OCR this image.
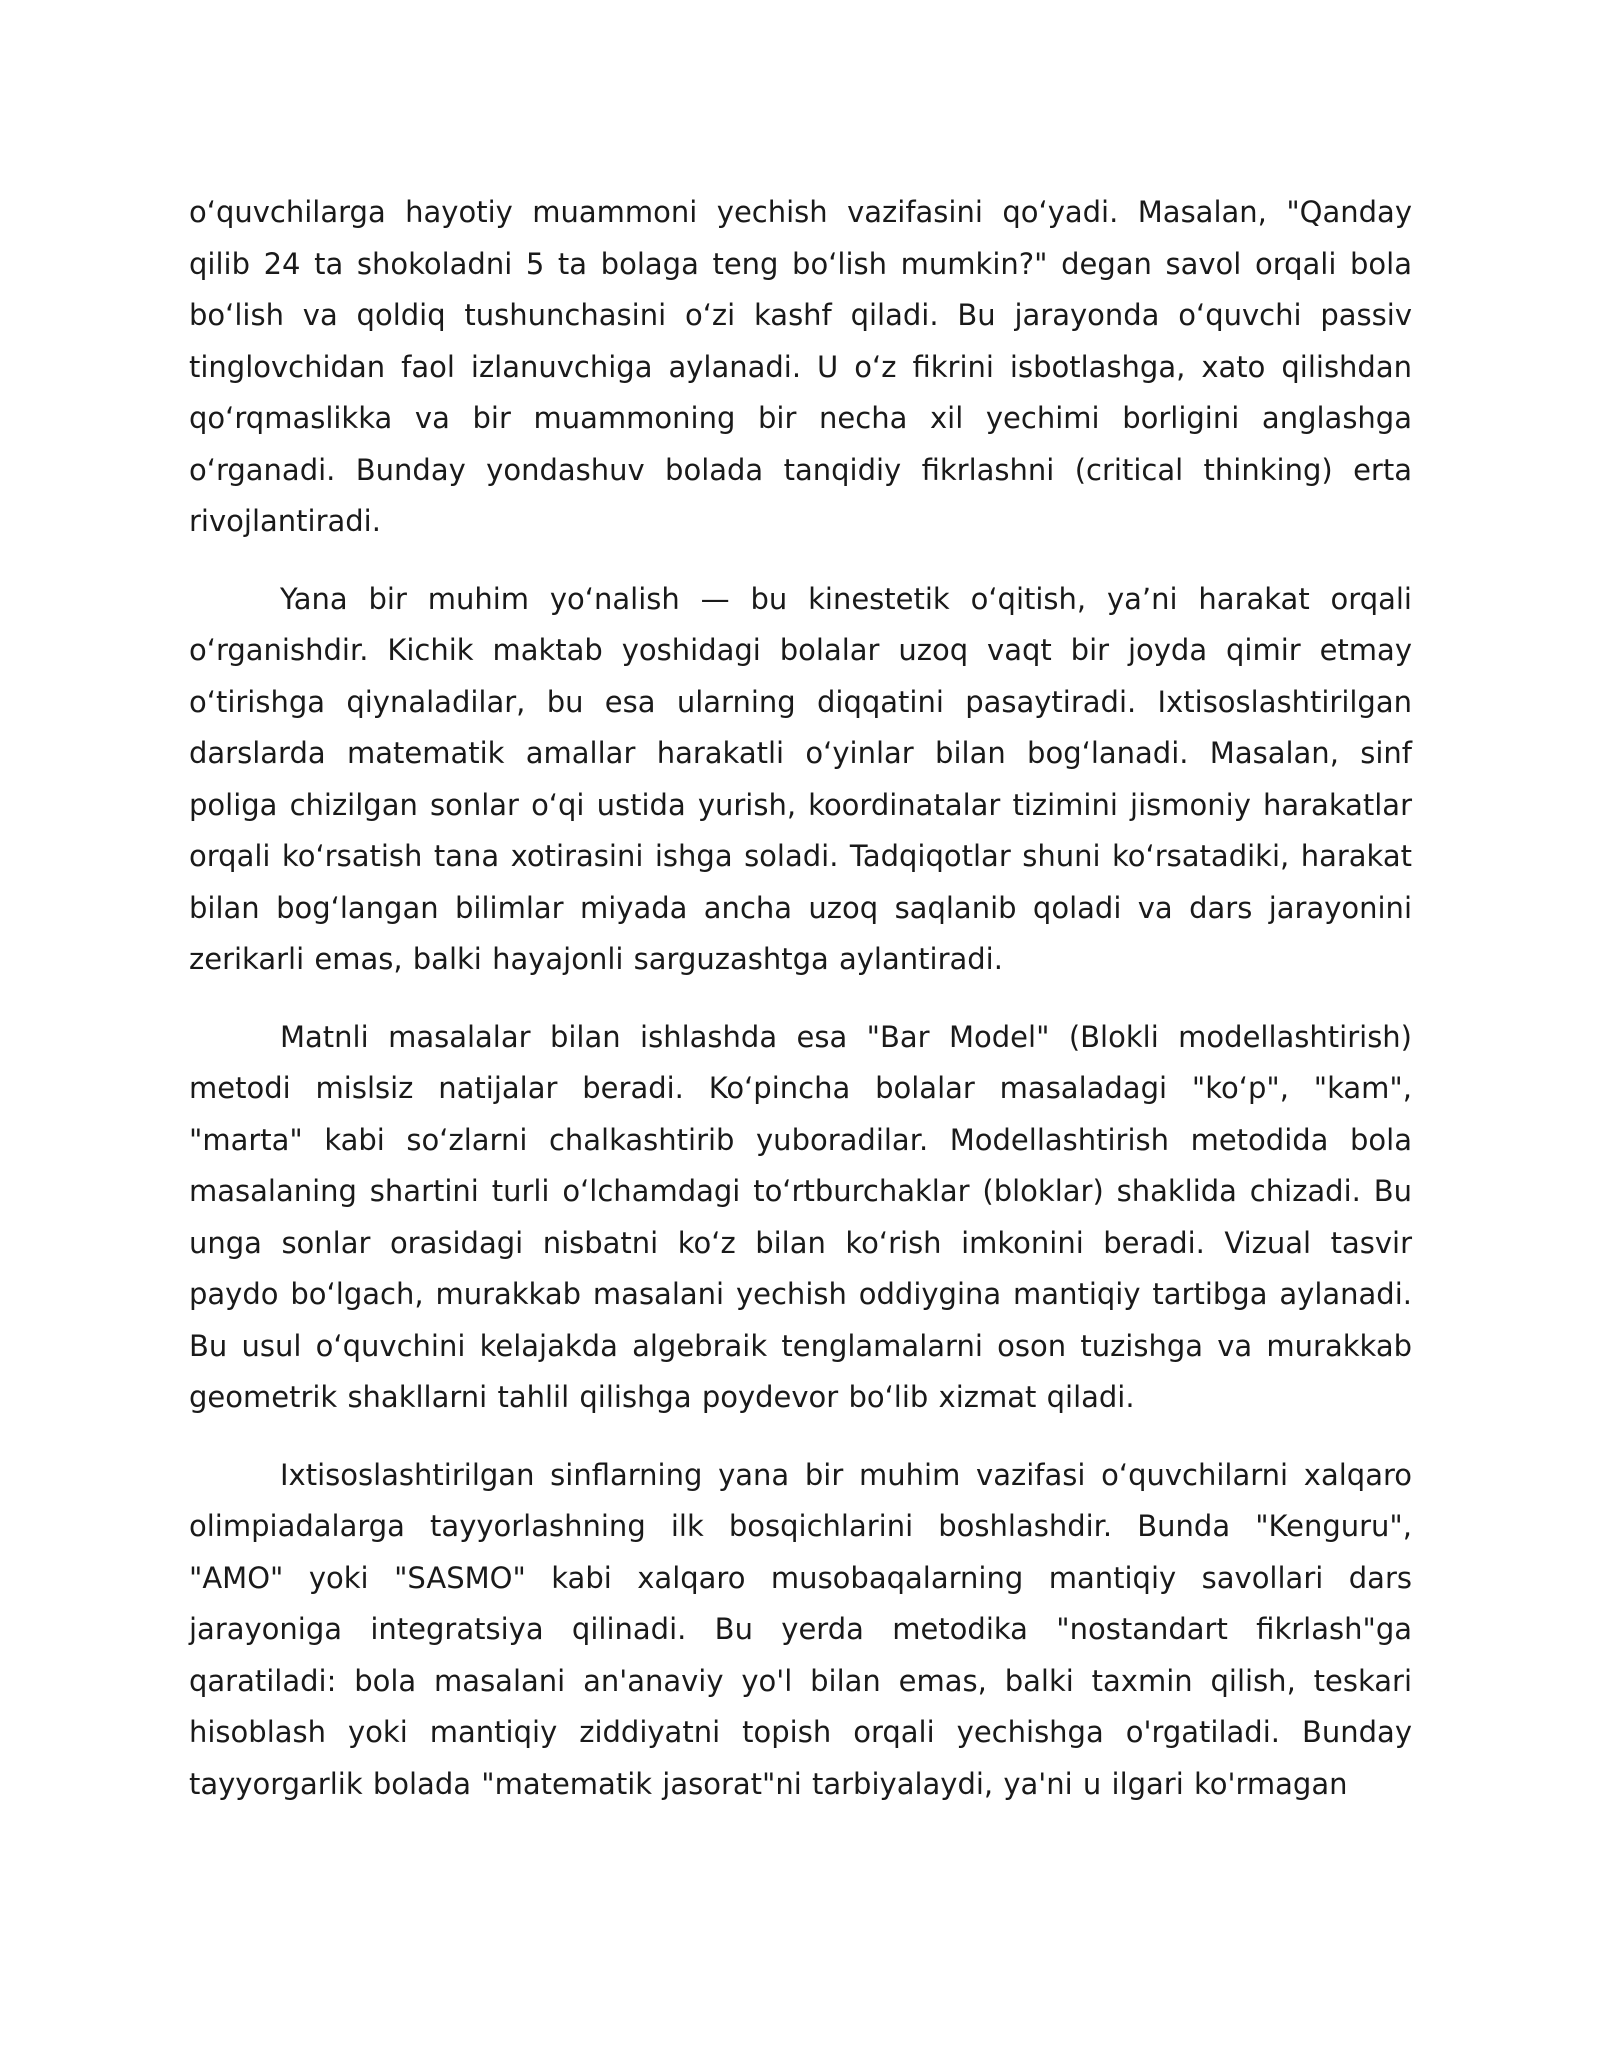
o‘quvchilarga hayotiy muammoni yechish vazifasini qo‘yadi. Masalan, "Qanday qilib 24 ta shokoladni 5 ta bolaga teng bo‘lish mumkin?" degan savol orqali bola bo‘lish va qoldiq tushunchasini o‘zi kashf qiladi. Bu jarayonda o‘quvchi passiv tinglovchidan faol izlanuvchiga aylanadi. U o‘z fikrini isbotlashga, xato qilishdan qo‘rqmaslikka va bir muammoning bir necha xil yechimi borligini anglashga o‘rganadi. Bunday yondashuv bolada tanqidiy fikrlashni (critical thinking) erta rivojlantiradi.

Yana bir muhim yo‘nalish — bu kinestetik o‘qitish, ya’ni harakat orqali o‘rganishdir. Kichik maktab yoshidagi bolalar uzoq vaqt bir joyda qimir etmay o‘tirishga qiynaladilar, bu esa ularning diqqatini pasaytiradi. Ixtisoslashtirilgan darslarda matematik amallar harakatli o‘yinlar bilan bog‘lanadi. Masalan, sinf poliga chizilgan sonlar o‘qi ustida yurish, koordinatalar tizimini jismoniy harakatlar orqali ko‘rsatish tana xotirasini ishga soladi. Tadqiqotlar shuni ko‘rsatadiki, harakat bilan bog‘langan bilimlar miyada ancha uzoq saqlanib qoladi va dars jarayonini zerikarli emas, balki hayajonli sarguzashtga aylantiradi.

Matnli masalalar bilan ishlashda esa "Bar Model" (Blokli modellashtirish) metodi mislsiz natijalar beradi. Ko‘pincha bolalar masaladagi "ko‘p", "kam", "marta" kabi so‘zlarni chalkashtirib yuboradilar. Modellashtirish metodida bola masalaning shartini turli o‘lchamdagi to‘rtburchaklar (bloklar) shaklida chizadi. Bu unga sonlar orasidagi nisbatni ko‘z bilan ko‘rish imkonini beradi. Vizual tasvir paydo bo‘lgach, murakkab masalani yechish oddiygina mantiqiy tartibga aylanadi. Bu usul o‘quvchini kelajakda algebraik tenglamalarni oson tuzishga va murakkab geometrik shakllarni tahlil qilishga poydevor bo‘lib xizmat qiladi.

Ixtisoslashtirilgan sinflarning yana bir muhim vazifasi o‘quvchilarni xalqaro olimpiadalarga tayyorlashning ilk bosqichlarini boshlashdir. Bunda "Kenguru", "AMO" yoki "SASMO" kabi xalqaro musobaqalarning mantiqiy savollari dars jarayoniga integratsiya qilinadi. Bu yerda metodika "nostandart fikrlash"ga qaratiladi: bola masalani an'anaviy yo'l bilan emas, balki taxmin qilish, teskari hisoblash yoki mantiqiy ziddiyatni topish orqali yechishga o'rgatiladi. Bunday tayyorgarlik bolada "matematik jasorat"ni tarbiyalaydi, ya'ni u ilgari ko'rmagan
